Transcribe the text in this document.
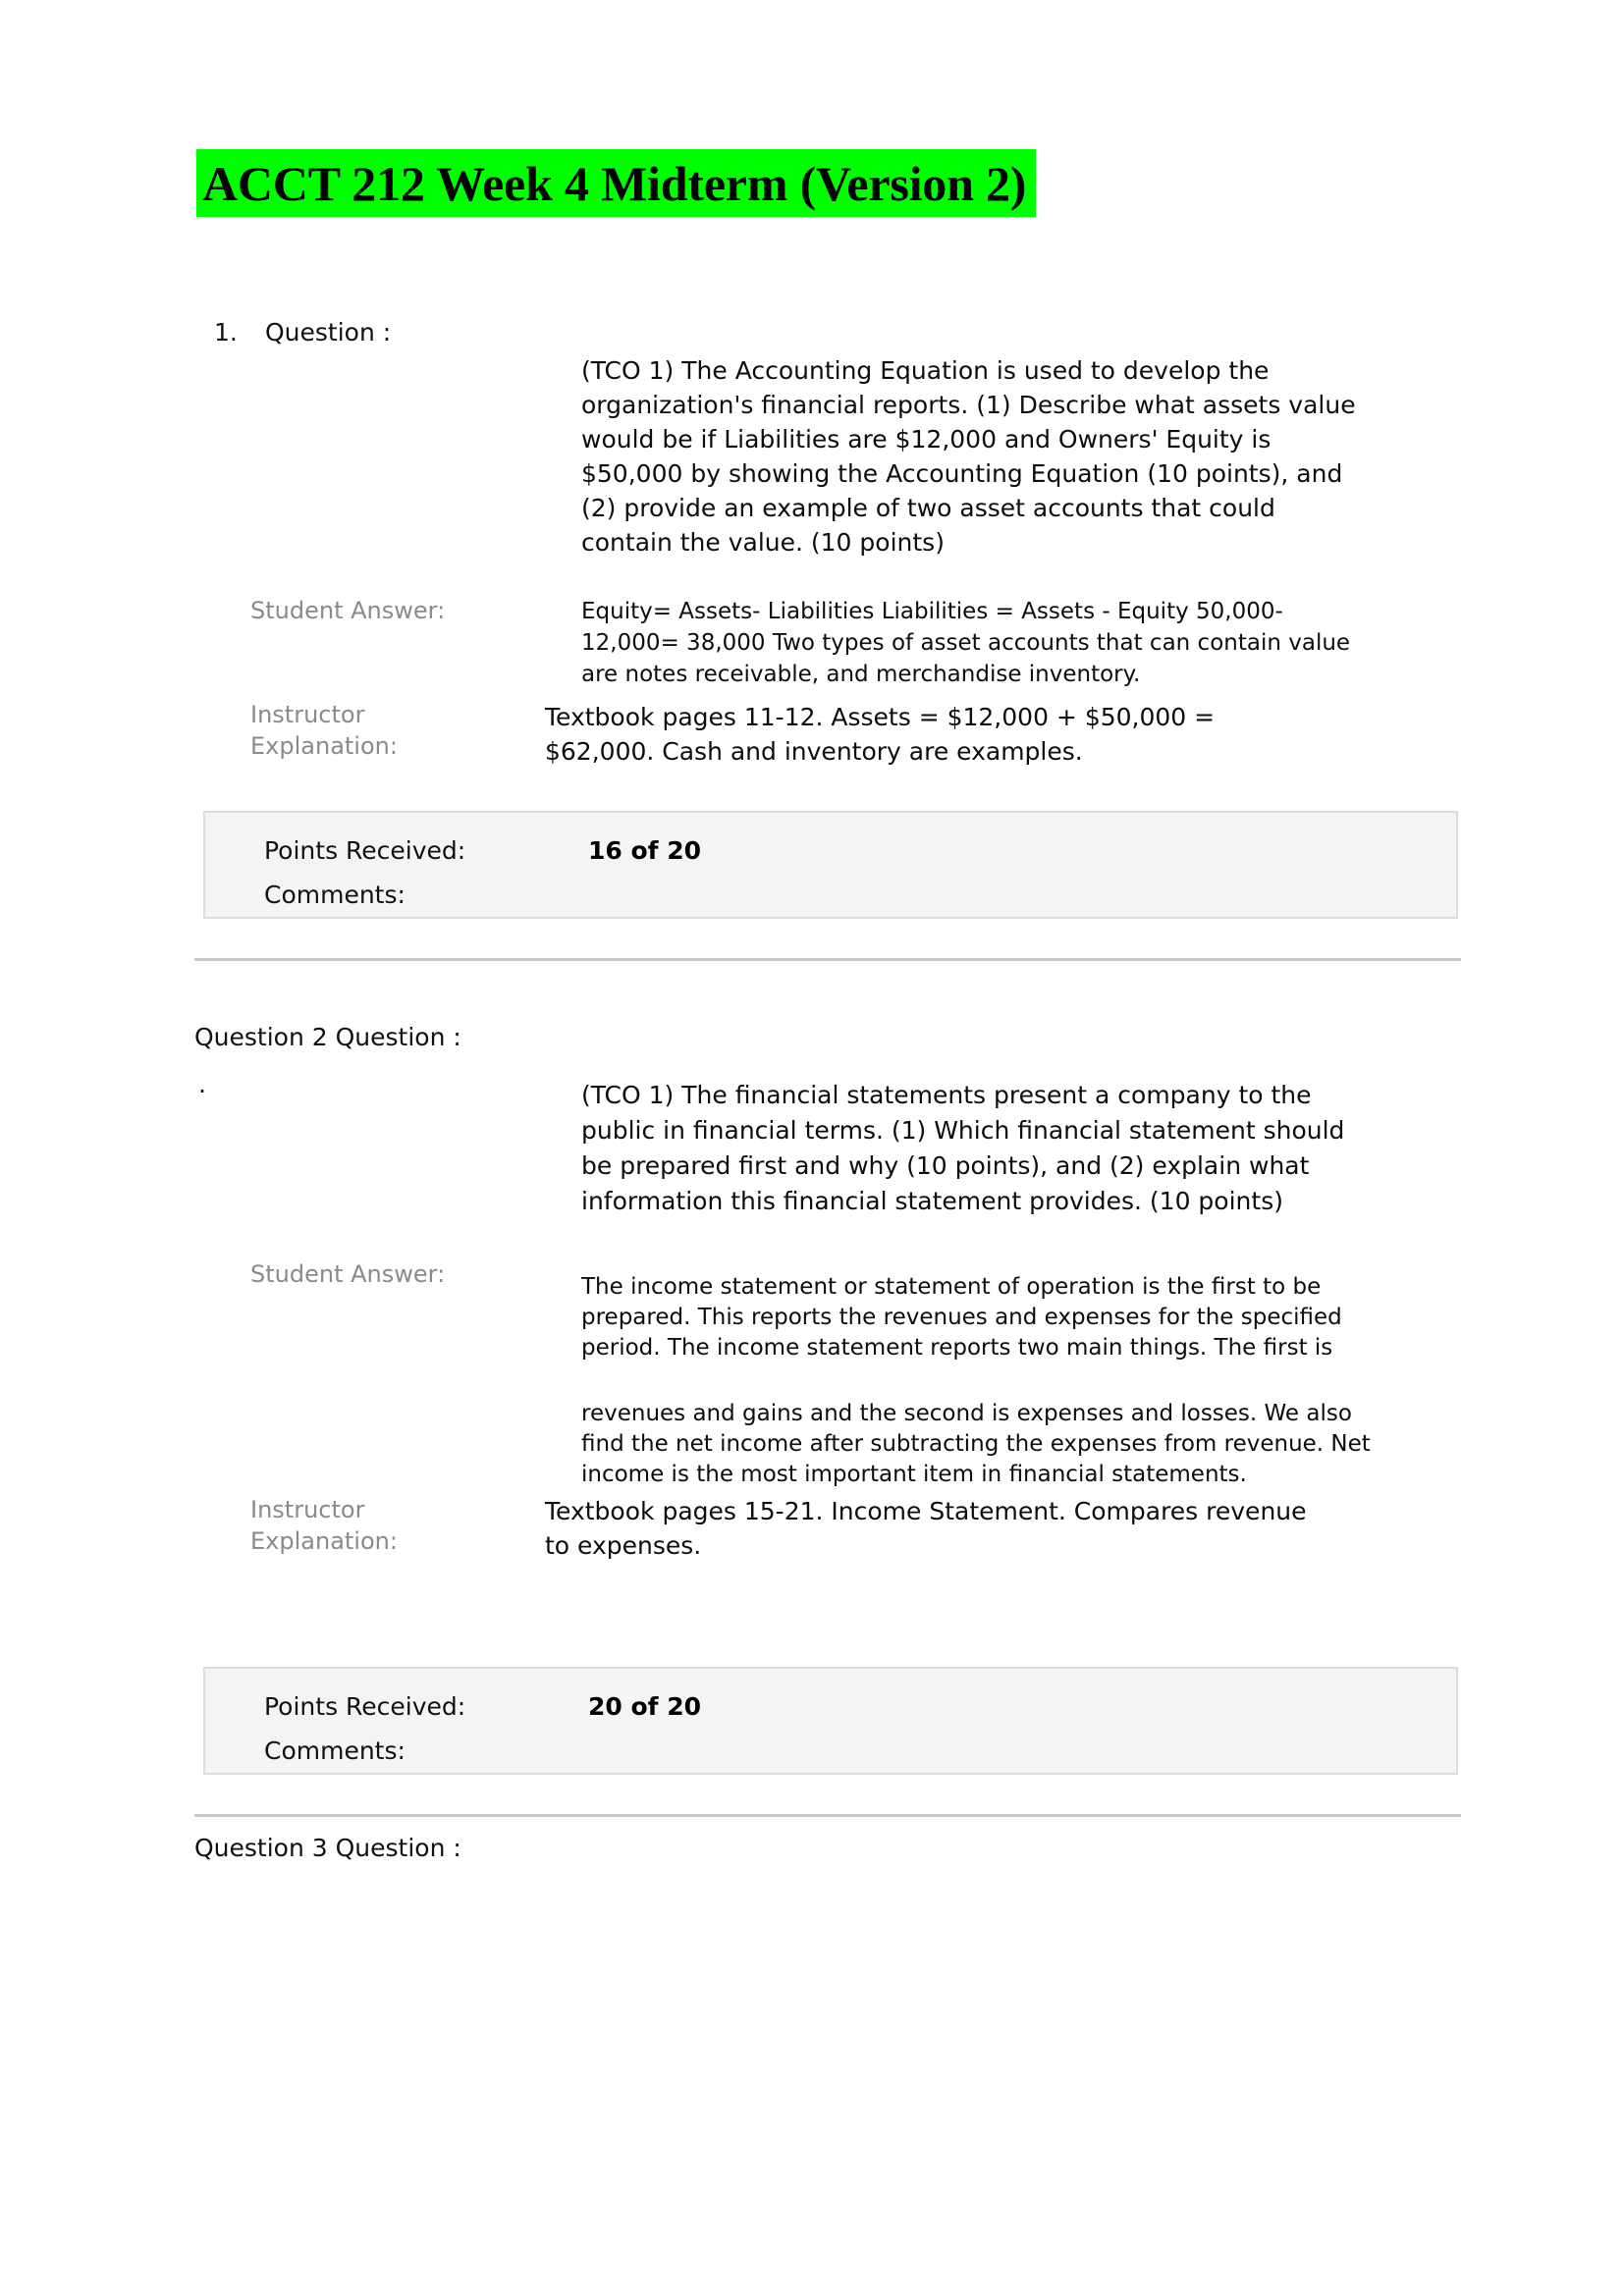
ACCT 212 Week 4 Midterm (Version 2)
1. Question :
(TCO 1) The Accounting Equation is used to develop the
organization's financial reports. (1) Describe what assets value
would be if Liabilities are $12,000 and Owners' Equity is
$50,000 by showing the Accounting Equation (10 points), and
(2) provide an example of two asset accounts that could
contain the value. (10 points)
Student Answer:	Equity= Assets- Liabilities Liabilities = Assets - Equity 50,000-
12,000= 38,000 Two types of asset accounts that can contain value
are notes receivable, and merchandise inventory.
Instructor
Explanation:
Textbook pages 11-12. Assets = $12,000 + $50,000 =
$62,000. Cash and inventory are examples.
Points Received:	16 of 20
Comments:
Question 2 Question :
.	(TCO 1) The financial statements present a company to the
public in financial terms. (1) Which financial statement should
be prepared first and why (10 points), and (2) explain what
information this financial statement provides. (10 points)
Student Answer:	The income statement or statement of operation is the first to be
prepared. This reports the revenues and expenses for the specified
period. The income statement reports two main things. The first is
revenues and gains and the second is expenses and losses. We also
find the net income after subtracting the expenses from revenue. Net
income is the most important item in financial statements.
Instructor
Explanation:
Textbook pages 15-21. Income Statement. Compares revenue
to expenses.
Points Received:	20 of 20
Comments:
Question 3 Question :
